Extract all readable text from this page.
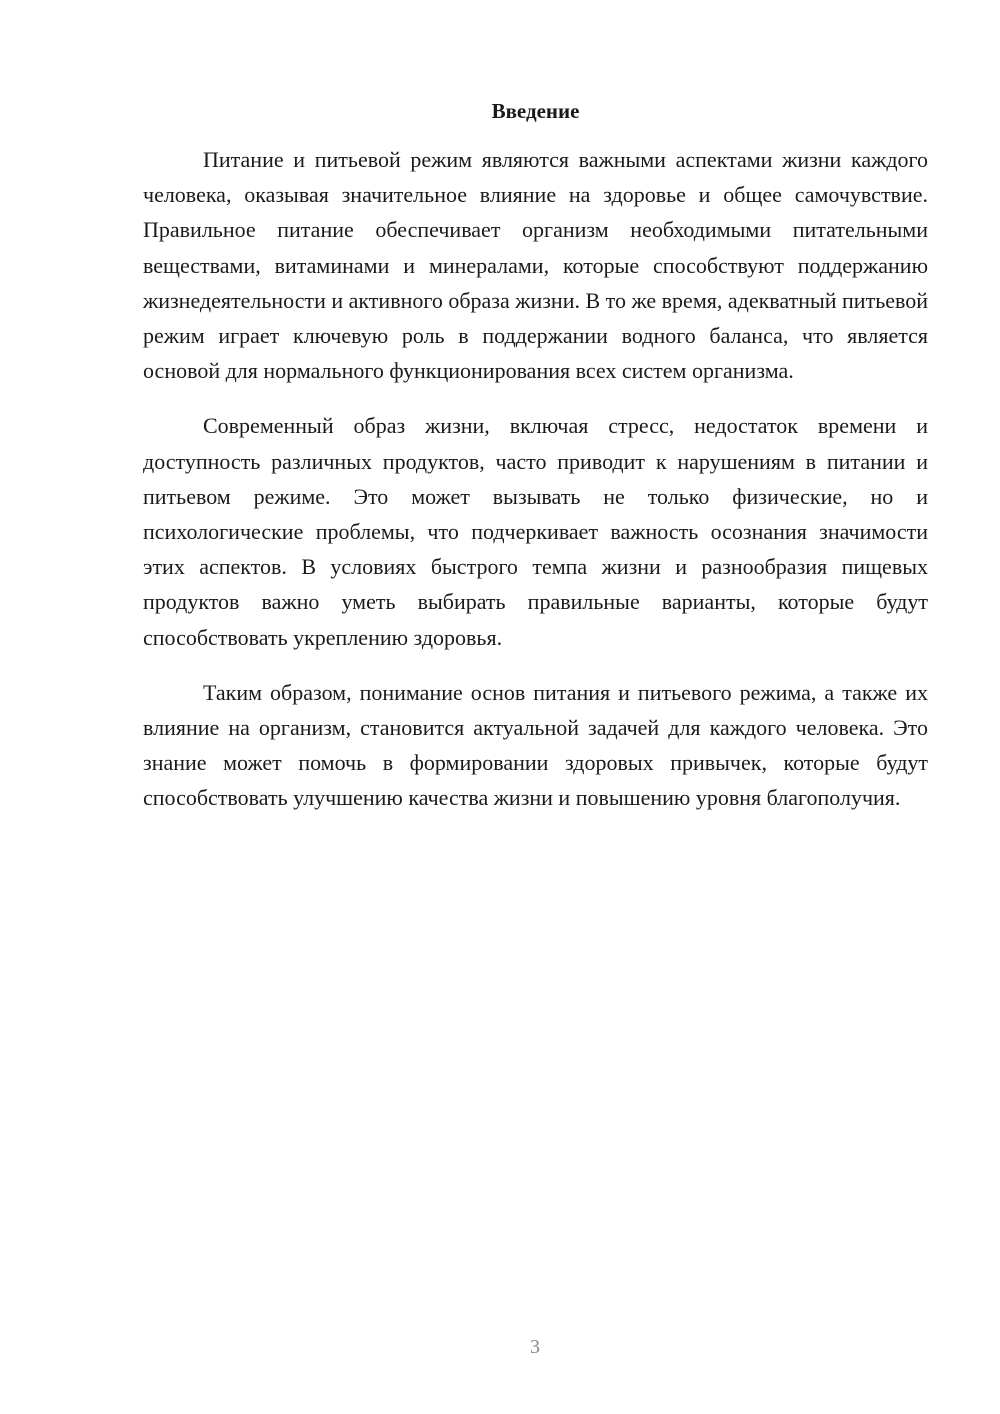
Введение

Питание и питьевой режим являются важными аспектами жизни каждого человека, оказывая значительное влияние на здоровье и общее самочувствие. Правильное питание обеспечивает организм необходимыми питательными веществами, витаминами и минералами, которые способствуют поддержанию жизнедеятельности и активного образа жизни. В то же время, адекватный питьевой режим играет ключевую роль в поддержании водного баланса, что является основой для нормального функционирования всех систем организма.

Современный образ жизни, включая стресс, недостаток времени и доступность различных продуктов, часто приводит к нарушениям в питании и питьевом режиме. Это может вызывать не только физические, но и психологические проблемы, что подчеркивает важность осознания значимости этих аспектов. В условиях быстрого темпа жизни и разнообразия пищевых продуктов важно уметь выбирать правильные варианты, которые будут способствовать укреплению здоровья.

Таким образом, понимание основ питания и питьевого режима, а также их влияние на организм, становится актуальной задачей для каждого человека. Это знание может помочь в формировании здоровых привычек, которые будут способствовать улучшению качества жизни и повышению уровня благополучия.

3
